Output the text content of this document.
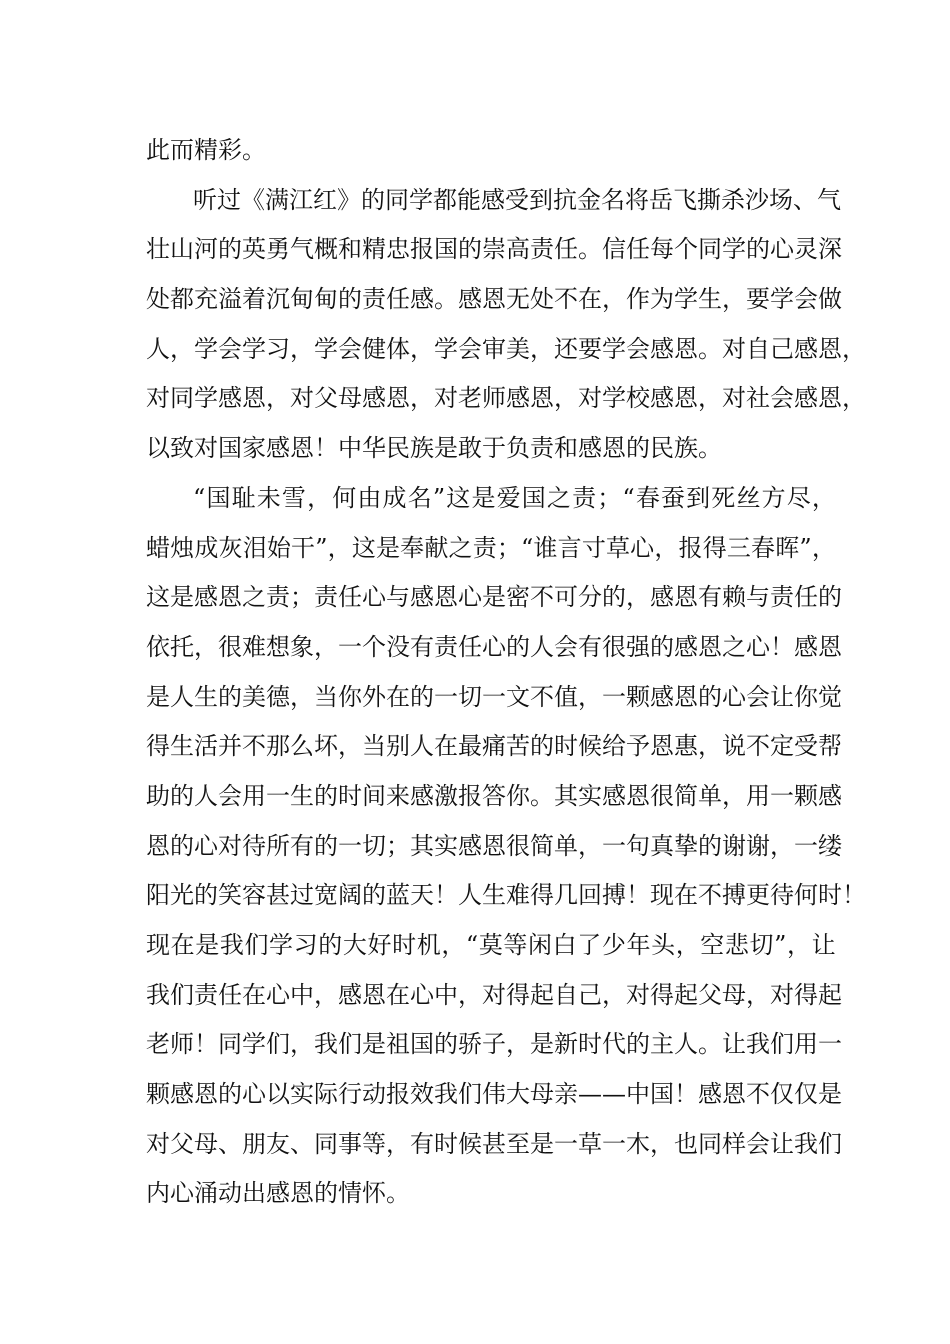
此而精彩。
听 过 《 满 江 红 》 的 同 学 都 能 感 受 到 抗 金 名 将 岳 飞 撕 杀 沙 场 、 气
壮 山 河 的 英 勇 气 概 和 精 忠 报 国 的 崇 高 责 任 。 信 任 每 个 同 学 的 心 灵 深
处 都 充 溢 着 沉 甸 甸 的 责 任 感 。 感 恩 无 处 不 在 ， 作 为 学 生 ， 要 学 会 做
人 ， 学 会 学 习 ， 学 会 健 体 ， 学 会 审 美 ， 还 要 学 会 感 恩 。 对 自 己 感 恩 ，
对 同 学 感 恩 ， 对 父 母 感 恩 ， 对 老 师 感 恩 ， 对 学 校 感 恩 ， 对 社 会 感 恩 ，
以致对国家感恩！中华民族是敢于负责和感恩的民族。
“ 国 耻 未 雪 ， 何 由 成 名 ” 这 是 爱 国 之 责 ； “ 春 蚕 到 死 丝 方 尽 ，
蜡 烛 成 灰 泪 始 干 ” ， 这 是 奉 献 之 责 ； “ 谁 言 寸 草 心 ， 报 得 三 春 晖 ” ，
这 是 感 恩 之 责 ； 责 任 心 与 感 恩 心 是 密 不 可 分 的 ， 感 恩 有 赖 与 责 任 的
依 托 ， 很 难 想 象 ， 一 个 没 有 责 任 心 的 人 会 有 很 强 的 感 恩 之 心 ！ 感 恩
是 人 生 的 美 德 ， 当 你 外 在 的 一 切 一 文 不 值 ， 一 颗 感 恩 的 心 会 让 你 觉
得 生 活 并 不 那 么 坏 ， 当 别 人 在 最 痛 苦 的 时 候 给 予 恩 惠 ， 说 不 定 受 帮
助 的 人 会 用 一 生 的 时 间 来 感 激 报 答 你 。 其 实 感 恩 很 简 单 ， 用 一 颗 感
恩 的 心 对 待 所 有 的 一 切 ； 其 实 感 恩 很 简 单 ， 一 句 真 挚 的 谢 谢 ， 一 缕
阳 光 的 笑 容 甚 过 宽 阔 的 蓝 天 ！ 人 生 难 得 几 回 搏 ！ 现 在 不 搏 更 待 何 时 ！
现 在 是 我 们 学 习 的 大 好 时 机 ， “ 莫 等 闲 白 了 少 年 头 ， 空 悲 切 ” ， 让
我 们 责 任 在 心 中 ， 感 恩 在 心 中 ， 对 得 起 自 己 ， 对 得 起 父 母 ， 对 得 起
老 师 ！ 同 学 们 ， 我 们 是 祖 国 的 骄 子 ， 是 新 时 代 的 主 人 。 让 我 们 用 一
颗 感 恩 的 心 以 实 际 行 动 报 效 我 们 伟 大 母 亲 — — 中 国 ！ 感 恩 不 仅 仅 是
对 父 母 、 朋 友 、 同 事 等 ， 有 时 候 甚 至 是 一 草 一 木 ， 也 同 样 会 让 我 们
内心涌动出感恩的情怀。
